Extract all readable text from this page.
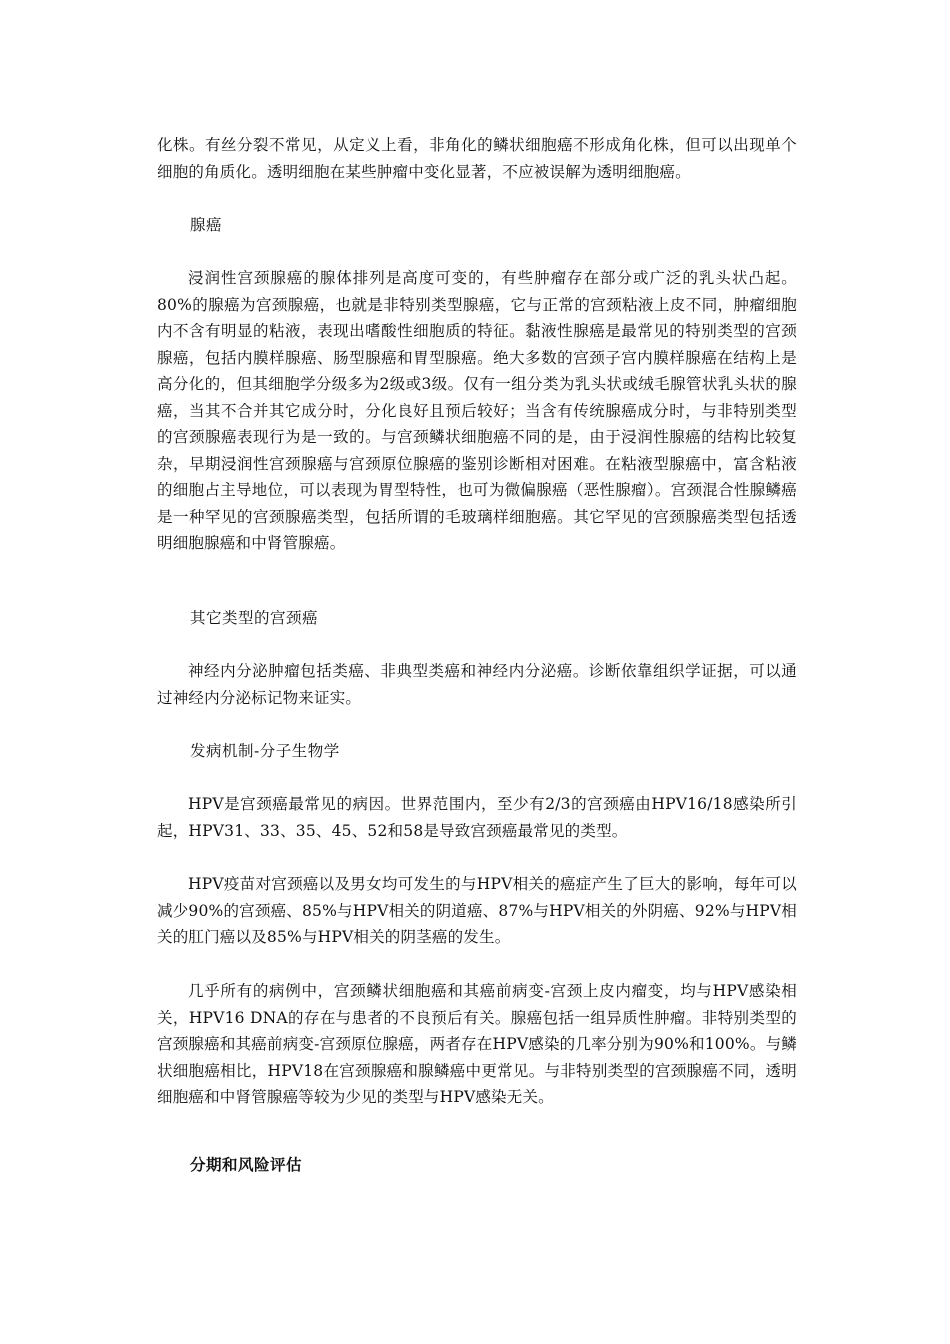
化株。有丝分裂不常见，从定义上看，非角化的鳞状细胞癌不形成角化株，但可以出现单个细胞的角质化。透明细胞在某些肿瘤中变化显著，不应被误解为透明细胞癌。

腺癌

浸润性宫颈腺癌的腺体排列是高度可变的，有些肿瘤存在部分或广泛的乳头状凸起。80%的腺癌为宫颈腺癌，也就是非特别类型腺癌，它与正常的宫颈粘液上皮不同，肿瘤细胞内不含有明显的粘液，表现出嗜酸性细胞质的特征。黏液性腺癌是最常见的特别类型的宫颈腺癌，包括内膜样腺癌、肠型腺癌和胃型腺癌。绝大多数的宫颈子宫内膜样腺癌在结构上是高分化的，但其细胞学分级多为2级或3级。仅有一组分类为乳头状或绒毛腺管状乳头状的腺癌，当其不合并其它成分时，分化良好且预后较好；当含有传统腺癌成分时，与非特别类型的宫颈腺癌表现行为是一致的。与宫颈鳞状细胞癌不同的是，由于浸润性腺癌的结构比较复杂，早期浸润性宫颈腺癌与宫颈原位腺癌的鉴别诊断相对困难。在粘液型腺癌中，富含粘液的细胞占主导地位，可以表现为胃型特性，也可为微偏腺癌（恶性腺瘤）。宫颈混合性腺鳞癌是一种罕见的宫颈腺癌类型，包括所谓的毛玻璃样细胞癌。其它罕见的宫颈腺癌类型包括透明细胞腺癌和中肾管腺癌。

其它类型的宫颈癌

神经内分泌肿瘤包括类癌、非典型类癌和神经内分泌癌。诊断依靠组织学证据，可以通过神经内分泌标记物来证实。

发病机制-分子生物学

HPV是宫颈癌最常见的病因。世界范围内，至少有2/3的宫颈癌由HPV16/18感染所引起，HPV31、33、35、45、52和58是导致宫颈癌最常见的类型。

HPV疫苗对宫颈癌以及男女均可发生的与HPV相关的癌症产生了巨大的影响，每年可以减少90%的宫颈癌、85%与HPV相关的阴道癌、87%与HPV相关的外阴癌、92%与HPV相关的肛门癌以及85%与HPV相关的阴茎癌的发生。

几乎所有的病例中，宫颈鳞状细胞癌和其癌前病变-宫颈上皮内瘤变，均与HPV感染相关，HPV16 DNA的存在与患者的不良预后有关。腺癌包括一组异质性肿瘤。非特别类型的宫颈腺癌和其癌前病变-宫颈原位腺癌，两者存在HPV感染的几率分别为90%和100%。与鳞状细胞癌相比，HPV18在宫颈腺癌和腺鳞癌中更常见。与非特别类型的宫颈腺癌不同，透明细胞癌和中肾管腺癌等较为少见的类型与HPV感染无关。

分期和风险评估
